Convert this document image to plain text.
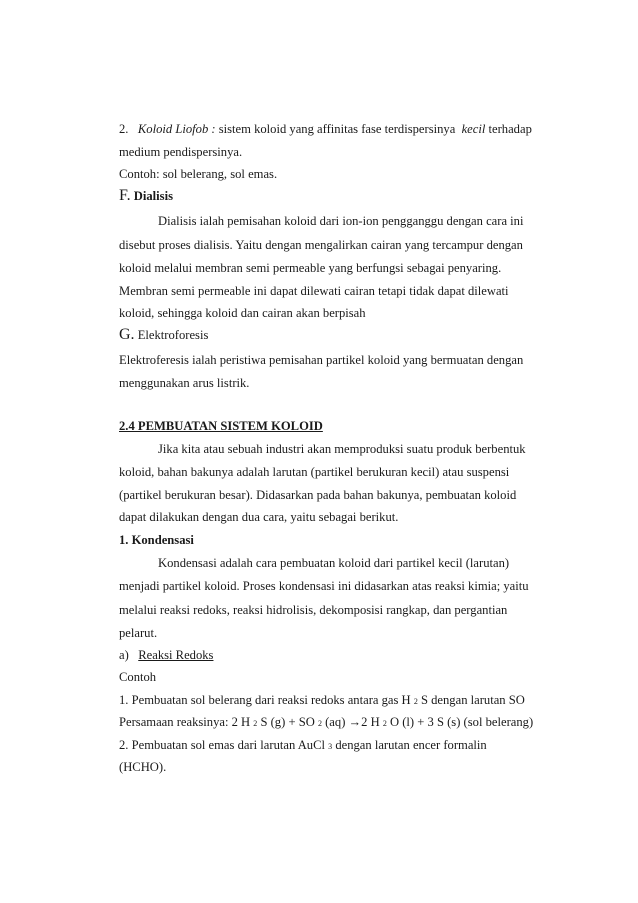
2. Koloid Liofob : sistem koloid yang affinitas fase terdispersinya kecil terhadap
medium pendispersinya.
Contoh: sol belerang, sol emas.
F. Dialisis
Dialisis ialah pemisahan koloid dari ion-ion pengganggu dengan cara ini
disebut proses dialisis. Yaitu dengan mengalirkan cairan yang tercampur dengan
koloid melalui membran semi permeable yang berfungsi sebagai penyaring.
Membran semi permeable ini dapat dilewati cairan tetapi tidak dapat dilewati
koloid, sehingga koloid dan cairan akan berpisah
G. Elektroforesis
Elektroferesis ialah peristiwa pemisahan partikel koloid yang bermuatan dengan
menggunakan arus listrik.
2.4 PEMBUATAN SISTEM KOLOID
Jika kita atau sebuah industri akan memproduksi suatu produk berbentuk
koloid, bahan bakunya adalah larutan (partikel berukuran kecil) atau suspensi
(partikel berukuran besar). Didasarkan pada bahan bakunya, pembuatan koloid
dapat dilakukan dengan dua cara, yaitu sebagai berikut.
1. Kondensasi
Kondensasi adalah cara pembuatan koloid dari partikel kecil (larutan)
menjadi partikel koloid. Proses kondensasi ini didasarkan atas reaksi kimia; yaitu
melalui reaksi redoks, reaksi hidrolisis, dekomposisi rangkap, dan pergantian
pelarut.
a) Reaksi Redoks
Contoh
1. Pembuatan sol belerang dari reaksi redoks antara gas H 2 S dengan larutan SO
Persamaan reaksinya: 2 H 2 S (g) + SO 2 (aq) →2 H 2 O (l) + 3 S (s) (sol belerang)
2. Pembuatan sol emas dari larutan AuCl 3 dengan larutan encer formalin
(HCHO).
